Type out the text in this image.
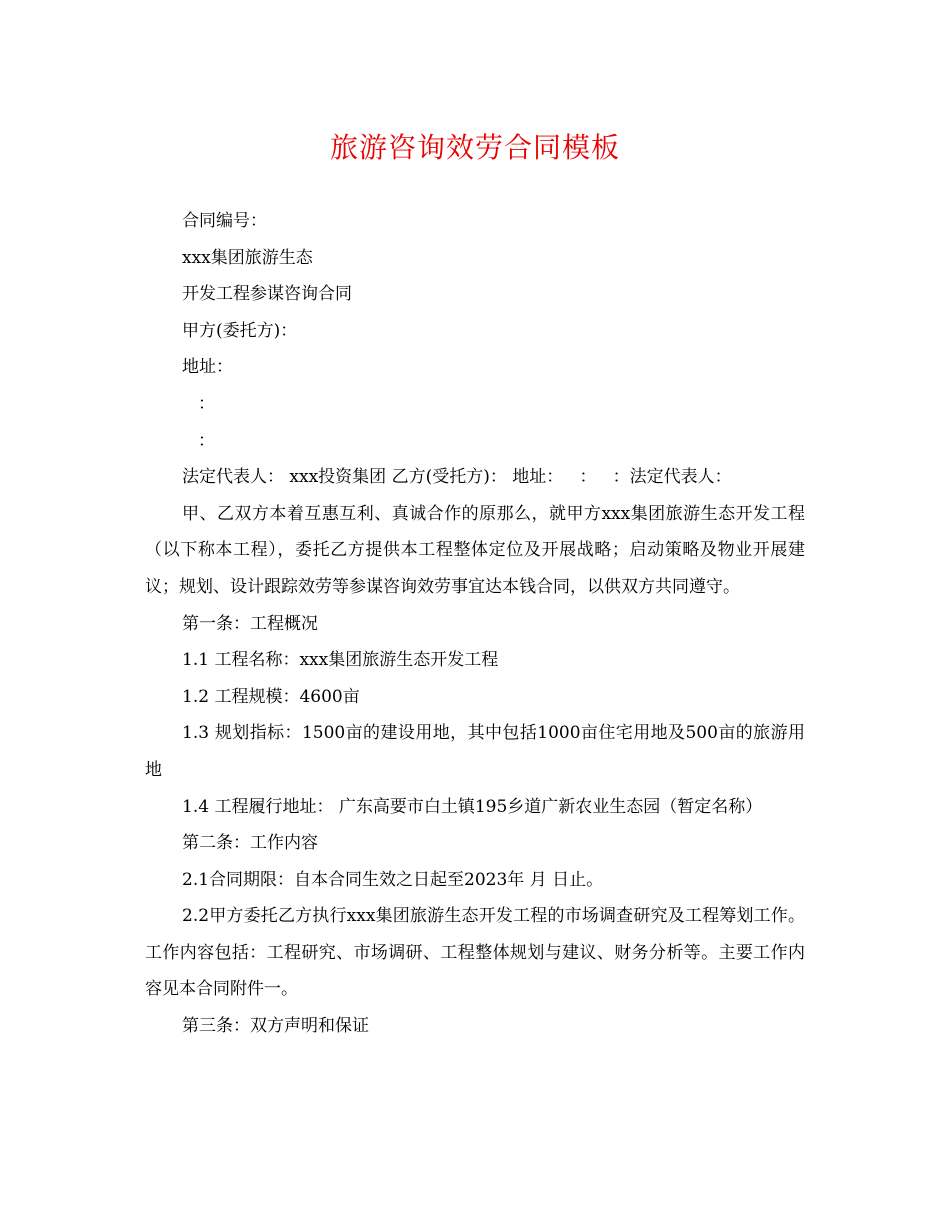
旅游咨询效劳合同模板

合同编号：

xxx集团旅游生态

开发工程参谋咨询合同

甲方(委托方)：

地址：

：

：

法定代表人： xxx投资集团 乙方(受托方)： 地址：   ：   ：法定代表人：

甲、乙双方本着互惠互利、真诚合作的原那么，就甲方xxx集团旅游生态开发工程（以下称本工程），委托乙方提供本工程整体定位及开展战略；启动策略及物业开展建议；规划、设计跟踪效劳等参谋咨询效劳事宜达本钱合同，以供双方共同遵守。

第一条：工程概况

1.1 工程名称：xxx集团旅游生态开发工程

1.2 工程规模：4600亩

1.3 规划指标：1500亩的建设用地，其中包括1000亩住宅用地及500亩的旅游用地

1.4 工程履行地址： 广东高要市白土镇195乡道广新农业生态园（暂定名称）

第二条：工作内容

2.1合同期限：自本合同生效之日起至2023年 月 日止。

2.2甲方委托乙方执行xxx集团旅游生态开发工程的市场调查研究及工程筹划工作。工作内容包括：工程研究、市场调研、工程整体规划与建议、财务分析等。主要工作内容见本合同附件一。

第三条：双方声明和保证
